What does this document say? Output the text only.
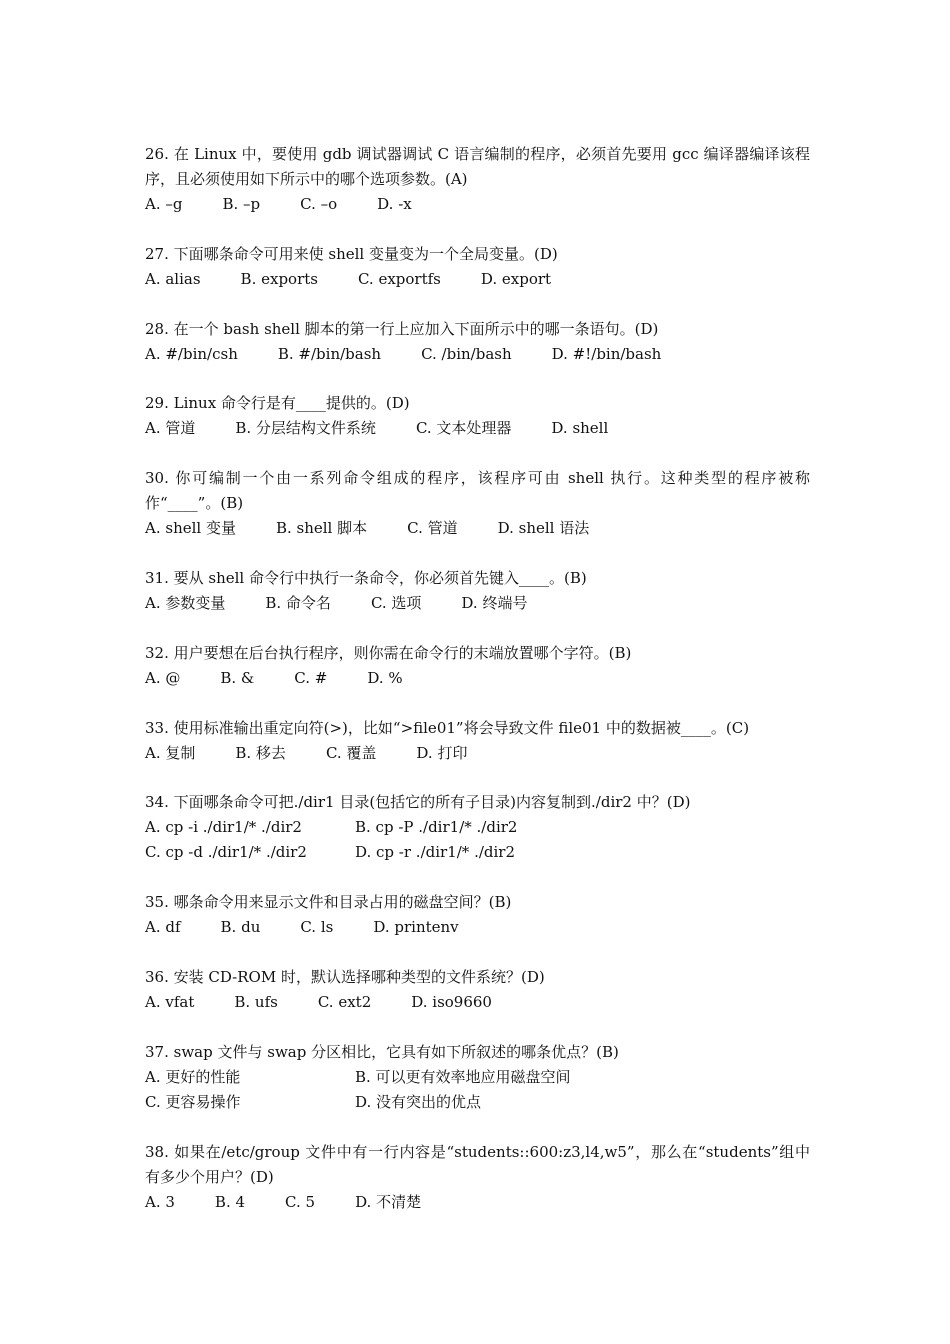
26. 在 Linux 中，要使用 gdb 调试器调试 C 语言编制的程序，必须首先要用 gcc 编译器编译该程序，且必须使用如下所示中的哪个选项参数。(A)
A. –g	B. –p	C. –o	D. -x
27. 下面哪条命令可用来使 shell 变量变为一个全局变量。(D)
A. alias	B. exports	C. exportfs	D. export
28. 在一个 bash shell 脚本的第一行上应加入下面所示中的哪一条语句。(D)
A. #/bin/csh	B. #/bin/bash	C. /bin/bash	D. #!/bin/bash
29. Linux 命令行是有____提供的。(D)
A. 管道	B. 分层结构文件系统	C. 文本处理器	D. shell
30. 你可编制一个由一系列命令组成的程序，该程序可由 shell 执行。这种类型的程序被称作“____”。(B)
A. shell 变量	B. shell 脚本	C. 管道	D. shell 语法
31. 要从 shell 命令行中执行一条命令，你必须首先键入____。(B)
A. 参数变量	B. 命令名	C. 选项	D. 终端号
32. 用户要想在后台执行程序，则你需在命令行的末端放置哪个字符。(B)
A. @	B. &	C. #	D. %
33. 使用标准输出重定向符(>)，比如“>file01”将会导致文件 file01 中的数据被____。(C)
A. 复制	B. 移去	C. 覆盖	D. 打印
34. 下面哪条命令可把./dir1 目录(包括它的所有子目录)内容复制到./dir2 中？(D)
A. cp -i ./dir1/* ./dir2	B. cp -P ./dir1/* ./dir2
C. cp -d ./dir1/* ./dir2	D. cp -r ./dir1/* ./dir2
35. 哪条命令用来显示文件和目录占用的磁盘空间？(B)
A. df	B. du	C. ls	D. printenv
36. 安装 CD-ROM 时，默认选择哪种类型的文件系统？(D)
A. vfat	B. ufs	C. ext2	D. iso9660
37. swap 文件与 swap 分区相比，它具有如下所叙述的哪条优点？(B)
A. 更好的性能	B. 可以更有效率地应用磁盘空间
C. 更容易操作	D. 没有突出的优点
38. 如果在/etc/group 文件中有一行内容是“students::600:z3,l4,w5”，那么在“students”组中有多少个用户？(D)
A. 3	B. 4	C. 5	D. 不清楚
